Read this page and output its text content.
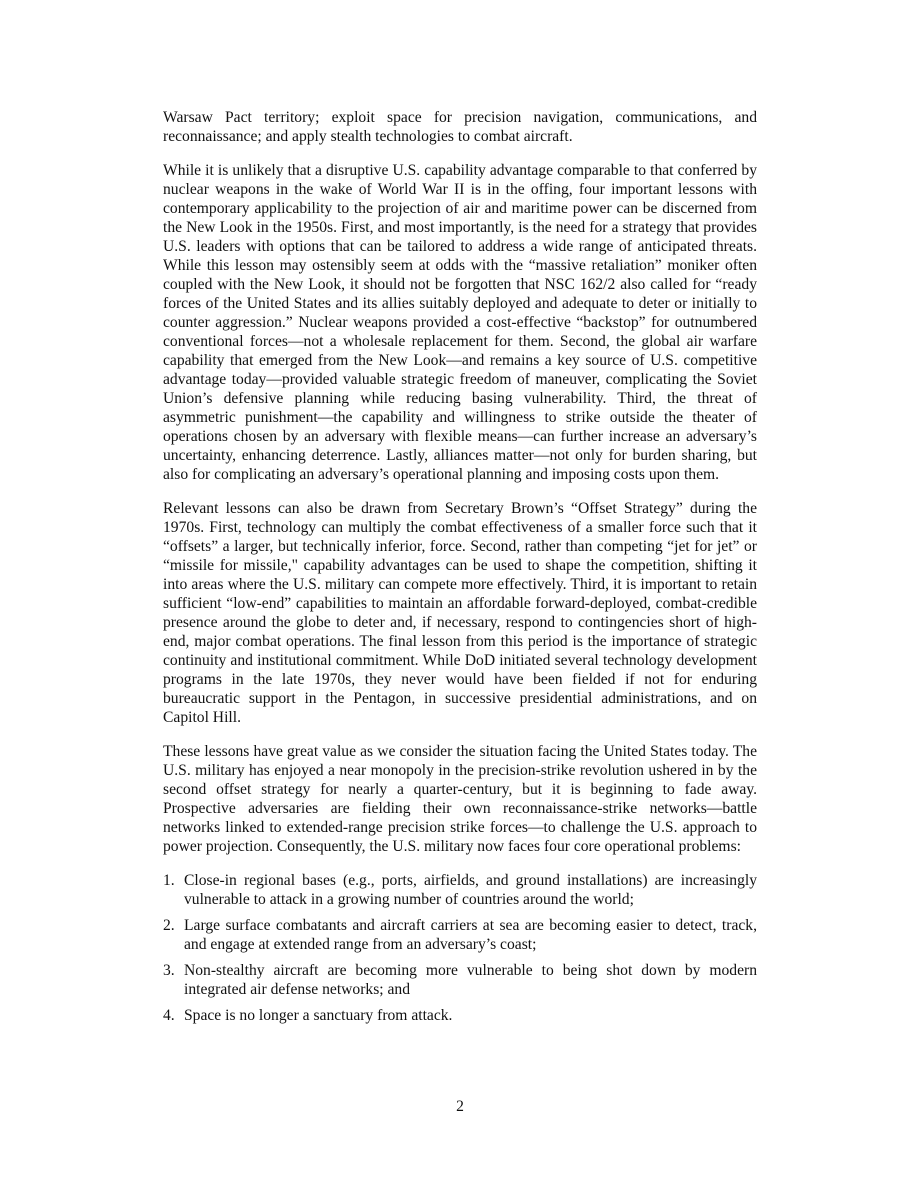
Warsaw Pact territory; exploit space for precision navigation, communications, and reconnaissance; and apply stealth technologies to combat aircraft.

While it is unlikely that a disruptive U.S. capability advantage comparable to that conferred by nuclear weapons in the wake of World War II is in the offing, four important lessons with contemporary applicability to the projection of air and maritime power can be discerned from the New Look in the 1950s. First, and most importantly, is the need for a strategy that provides U.S. leaders with options that can be tailored to address a wide range of anticipated threats. While this lesson may ostensibly seem at odds with the “massive retaliation” moniker often coupled with the New Look, it should not be forgotten that NSC 162/2 also called for “ready forces of the United States and its allies suitably deployed and adequate to deter or initially to counter aggression.” Nuclear weapons provided a cost-effective “backstop” for outnumbered conventional forces—not a wholesale replacement for them. Second, the global air warfare capability that emerged from the New Look—and remains a key source of U.S. competitive advantage today—provided valuable strategic freedom of maneuver, complicating the Soviet Union’s defensive planning while reducing basing vulnerability. Third, the threat of asymmetric punishment—the capability and willingness to strike outside the theater of operations chosen by an adversary with flexible means—can further increase an adversary’s uncertainty, enhancing deterrence. Lastly, alliances matter—not only for burden sharing, but also for complicating an adversary’s operational planning and imposing costs upon them.

Relevant lessons can also be drawn from Secretary Brown’s “Offset Strategy” during the 1970s. First, technology can multiply the combat effectiveness of a smaller force such that it “offsets” a larger, but technically inferior, force. Second, rather than competing “jet for jet” or “missile for missile," capability advantages can be used to shape the competition, shifting it into areas where the U.S. military can compete more effectively. Third, it is important to retain sufficient “low-end” capabilities to maintain an affordable forward-deployed, combat-credible presence around the globe to deter and, if necessary, respond to contingencies short of high-end, major combat operations. The final lesson from this period is the importance of strategic continuity and institutional commitment. While DoD initiated several technology development programs in the late 1970s, they never would have been fielded if not for enduring bureaucratic support in the Pentagon, in successive presidential administrations, and on Capitol Hill.

These lessons have great value as we consider the situation facing the United States today. The U.S. military has enjoyed a near monopoly in the precision-strike revolution ushered in by the second offset strategy for nearly a quarter-century, but it is beginning to fade away. Prospective adversaries are fielding their own reconnaissance-strike networks—battle networks linked to extended-range precision strike forces—to challenge the U.S. approach to power projection. Consequently, the U.S. military now faces four core operational problems:

1. Close-in regional bases (e.g., ports, airfields, and ground installations) are increasingly vulnerable to attack in a growing number of countries around the world;
2. Large surface combatants and aircraft carriers at sea are becoming easier to detect, track, and engage at extended range from an adversary’s coast;
3. Non-stealthy aircraft are becoming more vulnerable to being shot down by modern integrated air defense networks; and
4. Space is no longer a sanctuary from attack.
2
